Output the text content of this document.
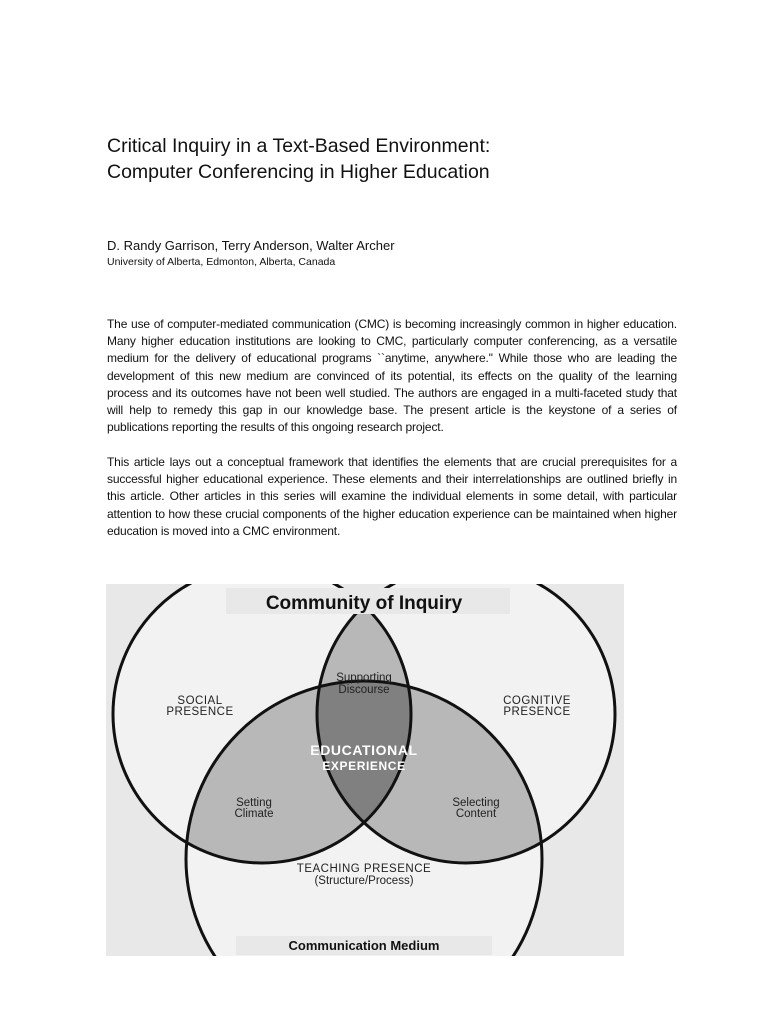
Critical Inquiry in a Text-Based Environment:
Computer Conferencing in Higher Education
D. Randy Garrison, Terry Anderson, Walter Archer
University of Alberta, Edmonton, Alberta, Canada
The use of computer-mediated communication (CMC) is becoming increasingly common in higher education. Many higher education institutions are looking to CMC, particularly computer conferencing, as a versatile medium for the delivery of educational programs ``anytime, anywhere.'' While those who are leading the development of this new medium are convinced of its potential, its effects on the quality of the learning process and its outcomes have not been well studied. The authors are engaged in a multi-faceted study that will help to remedy this gap in our knowledge base. The present article is the keystone of a series of publications reporting the results of this ongoing research project.
This article lays out a conceptual framework that identifies the elements that are crucial prerequisites for a successful higher educational experience. These elements and their interrelationships are outlined briefly in this article. Other articles in this series will examine the individual elements in some detail, with particular attention to how these crucial components of the higher education experience can be maintained when higher education is moved into a CMC environment.
Community of Inquiry
SOCIAL
PRESENCE
COGNITIVE
PRESENCE
Supporting
Discourse
EDUCATIONAL
EXPERIENCE
Setting
Climate
Selecting
Content
TEACHING PRESENCE
(Structure/Process)
Communication Medium
